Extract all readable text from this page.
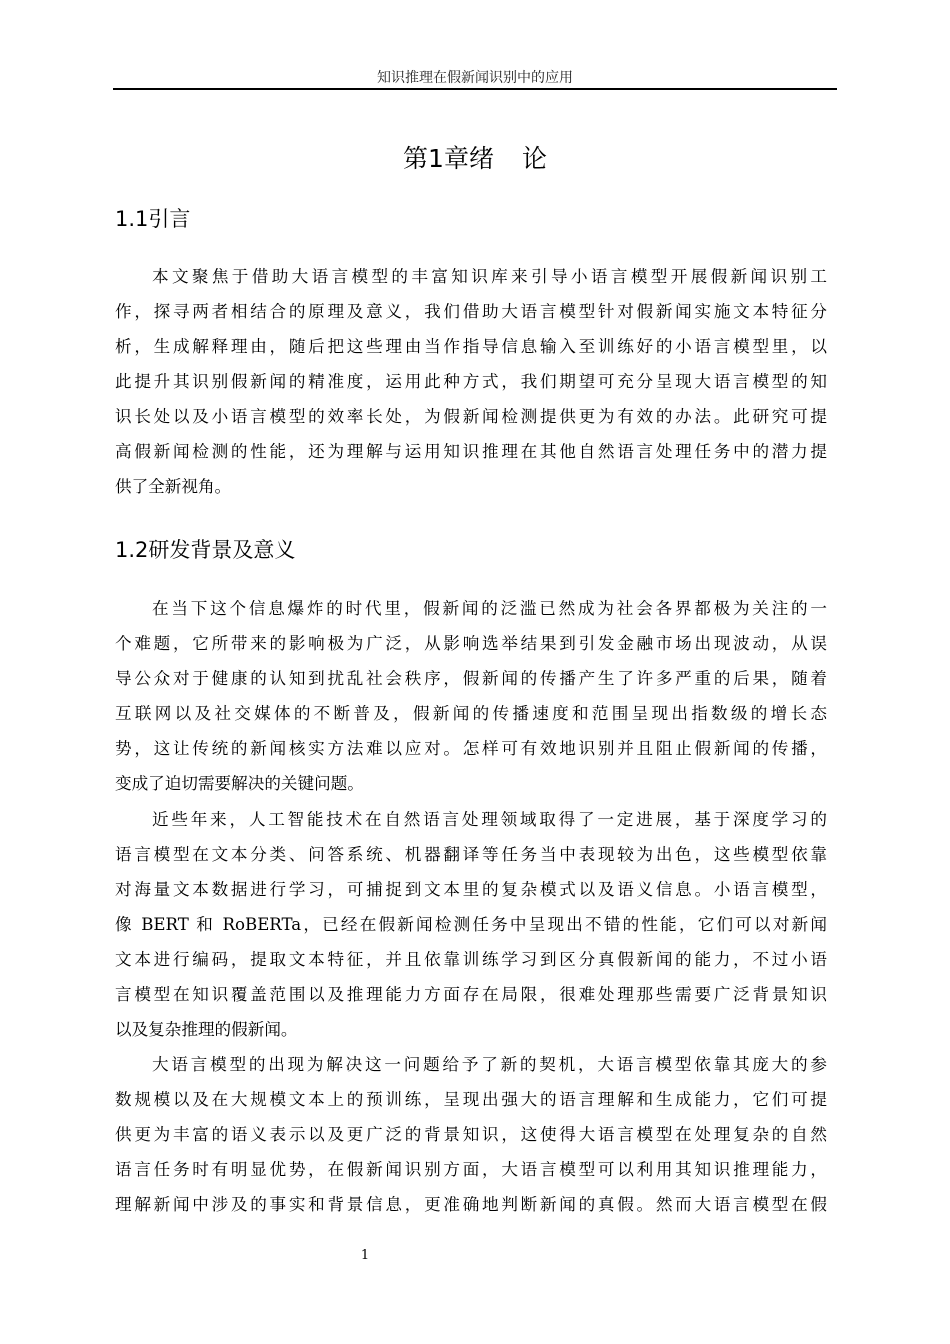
知识推理在假新闻识别中的应用
第1章绪 论
1.1引言
本文聚焦于借助大语言模型的丰富知识库来引导小语言模型开展假新闻识别工
作，探寻两者相结合的原理及意义，我们借助大语言模型针对假新闻实施文本特征分
析，生成解释理由，随后把这些理由当作指导信息输入至训练好的小语言模型里，以
此提升其识别假新闻的精准度，运用此种方式，我们期望可充分呈现大语言模型的知
识长处以及小语言模型的效率长处，为假新闻检测提供更为有效的办法。此研究可提
高假新闻检测的性能，还为理解与运用知识推理在其他自然语言处理任务中的潜力提
供了全新视角。
1.2研发背景及意义
在当下这个信息爆炸的时代里，假新闻的泛滥已然成为社会各界都极为关注的一
个难题，它所带来的影响极为广泛，从影响选举结果到引发金融市场出现波动，从误
导公众对于健康的认知到扰乱社会秩序，假新闻的传播产生了许多严重的后果，随着
互联网以及社交媒体的不断普及，假新闻的传播速度和范围呈现出指数级的增长态
势，这让传统的新闻核实方法难以应对。怎样可有效地识别并且阻止假新闻的传播，
变成了迫切需要解决的关键问题。
近些年来，人工智能技术在自然语言处理领域取得了一定进展，基于深度学习的
语言模型在文本分类、问答系统、机器翻译等任务当中表现较为出色，这些模型依靠
对海量文本数据进行学习，可捕捉到文本里的复杂模式以及语义信息。小语言模型，
像 BERT 和 RoBERTa，已经在假新闻检测任务中呈现出不错的性能，它们可以对新闻
文本进行编码，提取文本特征，并且依靠训练学习到区分真假新闻的能力，不过小语
言模型在知识覆盖范围以及推理能力方面存在局限，很难处理那些需要广泛背景知识
以及复杂推理的假新闻。
大语言模型的出现为解决这一问题给予了新的契机，大语言模型依靠其庞大的参
数规模以及在大规模文本上的预训练，呈现出强大的语言理解和生成能力，它们可提
供更为丰富的语义表示以及更广泛的背景知识，这使得大语言模型在处理复杂的自然
语言任务时有明显优势，在假新闻识别方面，大语言模型可以利用其知识推理能力，
理解新闻中涉及的事实和背景信息，更准确地判断新闻的真假。然而大语言模型在假
1
